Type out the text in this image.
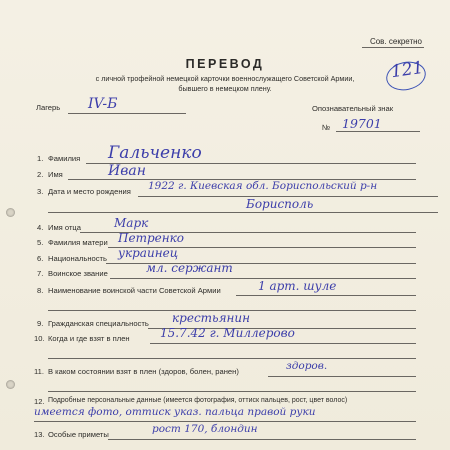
Сов. секретно
ПЕРЕВОД
с личной трофейной немецкой карточки военнослужащего Советской Армии,
бывшего в немецком плену.
121
Лагерь IV-Б	Опознавательный знак
№ 19701
1. Фамилия Гальченко
2. Имя	Иван
3. Дата и место рождения 1922 г. Киевская обл. Бориспольский р-н
Борисполь
4. Имя отца	Марк
5. Фамилия матери Петренко
6. Национальность украинец
7. Воинское звание	мл. сержант
8. Наименование воинской части Советской Армии	1 арт. шуле
9. Гражданская специальность крестьянин
10. Когда и где взят в плен	15.7.42 г. Миллерово
11. В каком состоянии взят в плен (здоров, болен, ранен)	здоров.
12. Подробные персональные данные (имеется фотография, оттиск пальцев, рост, цвет волос)
имеется фото, оттиск указ. пальца правой руки
13. Особые приметы	рост 170, блондин
